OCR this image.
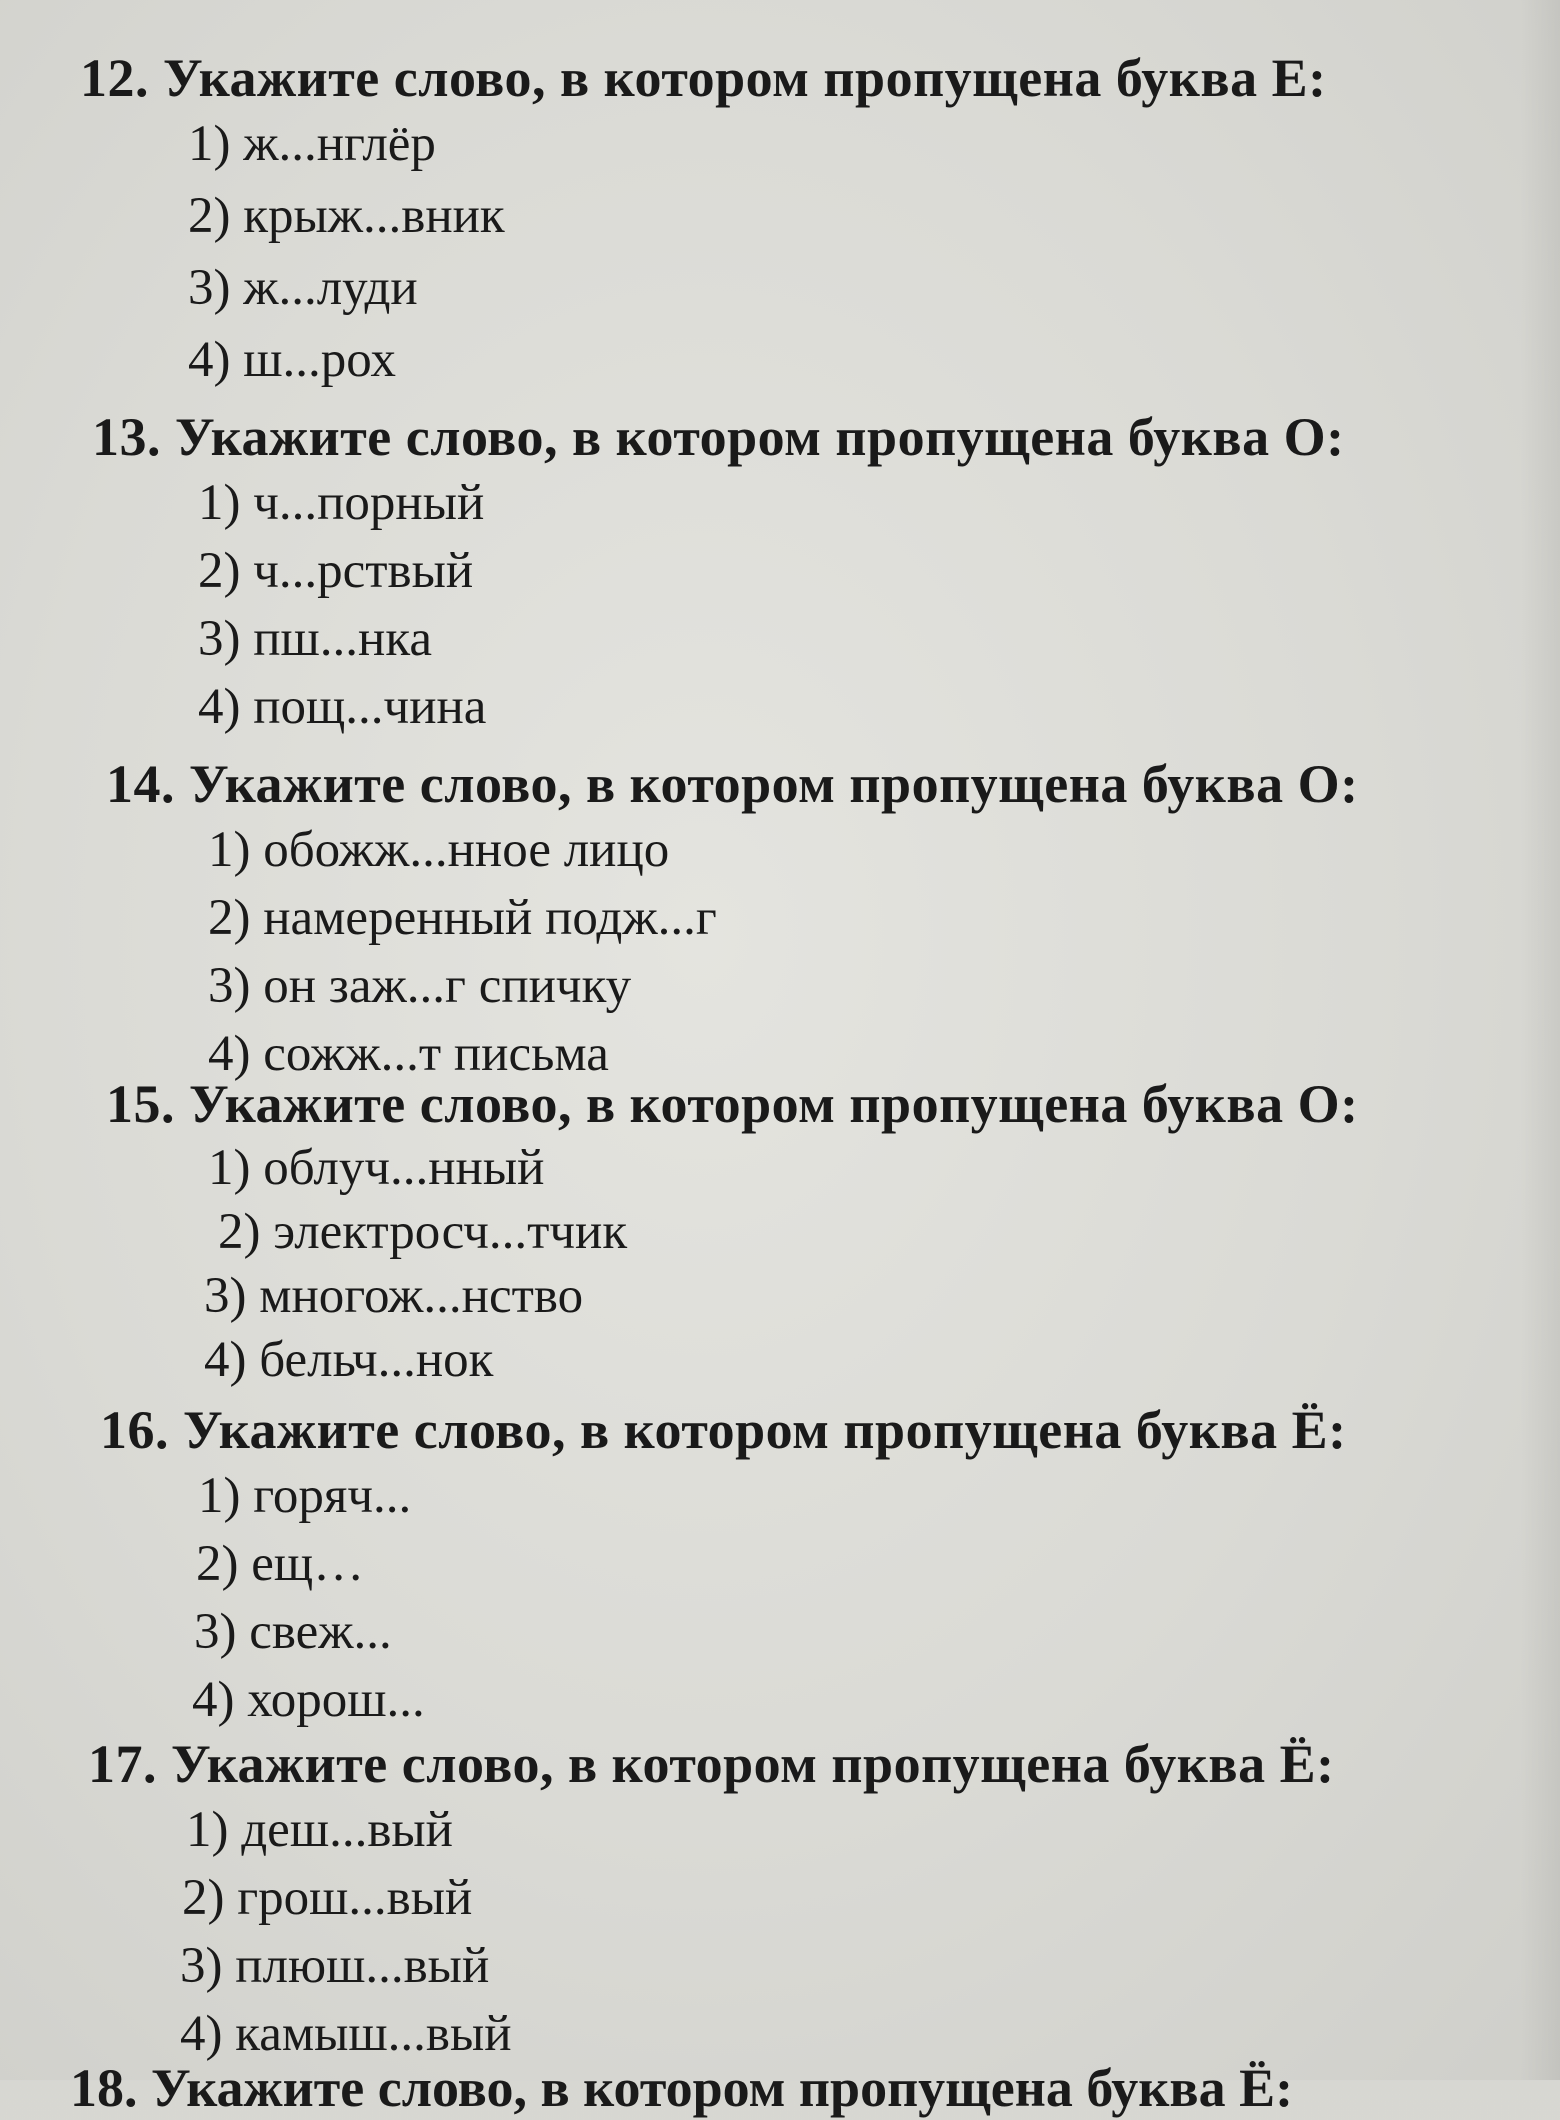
12. Укажите слово, в котором пропущена буква Е:
1) ж...нглёр
2) крыж...вник
3) ж...луди
4) ш...рох
13. Укажите слово, в котором пропущена буква О:
1) ч...порный
2) ч...рствый
3) пш...нка
4) пощ...чина
14. Укажите слово, в котором пропущена буква О:
1) обожж...нное лицо
2) намеренный подж...г
3) он заж...г спичку
4) сожж...т письма
15. Укажите слово, в котором пропущена буква О:
1) облуч...нный
2) электросч...тчик
3) многож...нство
4) бельч...нок
16. Укажите слово, в котором пропущена буква Ё:
1) горяч...
2) ещ…
3) свеж...
4) хорош...
17. Укажите слово, в котором пропущена буква Ё:
1) деш...вый
2) грош...вый
3) плюш...вый
4) камыш...вый
18. Укажите слово, в котором пропущена буква Ё:
